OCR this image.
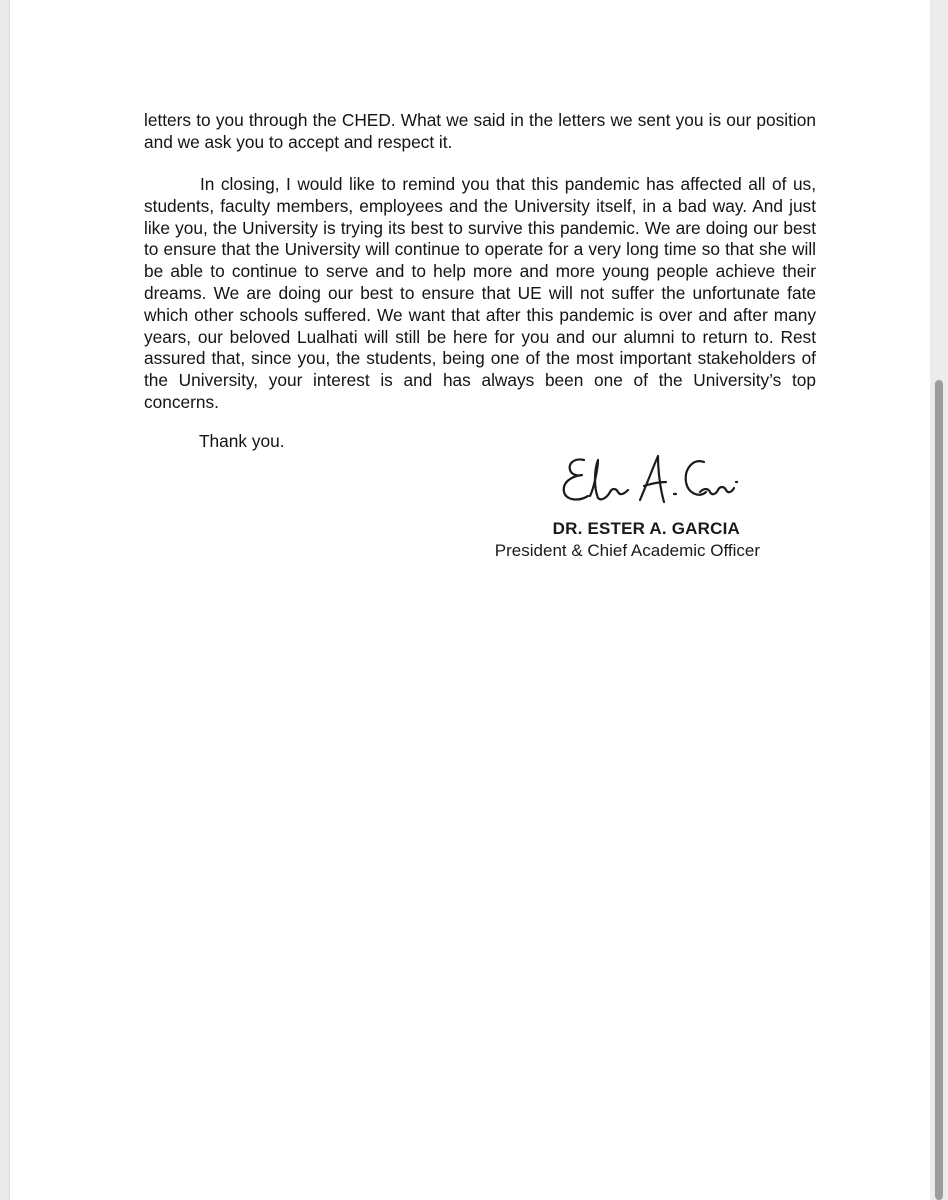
letters to you through the CHED. What we said in the letters we sent you is our position and we ask you to accept and respect it.

In closing, I would like to remind you that this pandemic has affected all of us, students, faculty members, employees and the University itself, in a bad way. And just like you, the University is trying its best to survive this pandemic. We are doing our best to ensure that the University will continue to operate for a very long time so that she will be able to continue to serve and to help more and more young people achieve their dreams. We are doing our best to ensure that UE will not suffer the unfortunate fate which other schools suffered. We want that after this pandemic is over and after many years, our beloved Lualhati will still be here for you and our alumni to return to. Rest assured that, since you, the students, being one of the most important stakeholders of the University, your interest is and has always been one of the University’s top concerns.

Thank you.
DR. ESTER A. GARCIA
President & Chief Academic Officer
